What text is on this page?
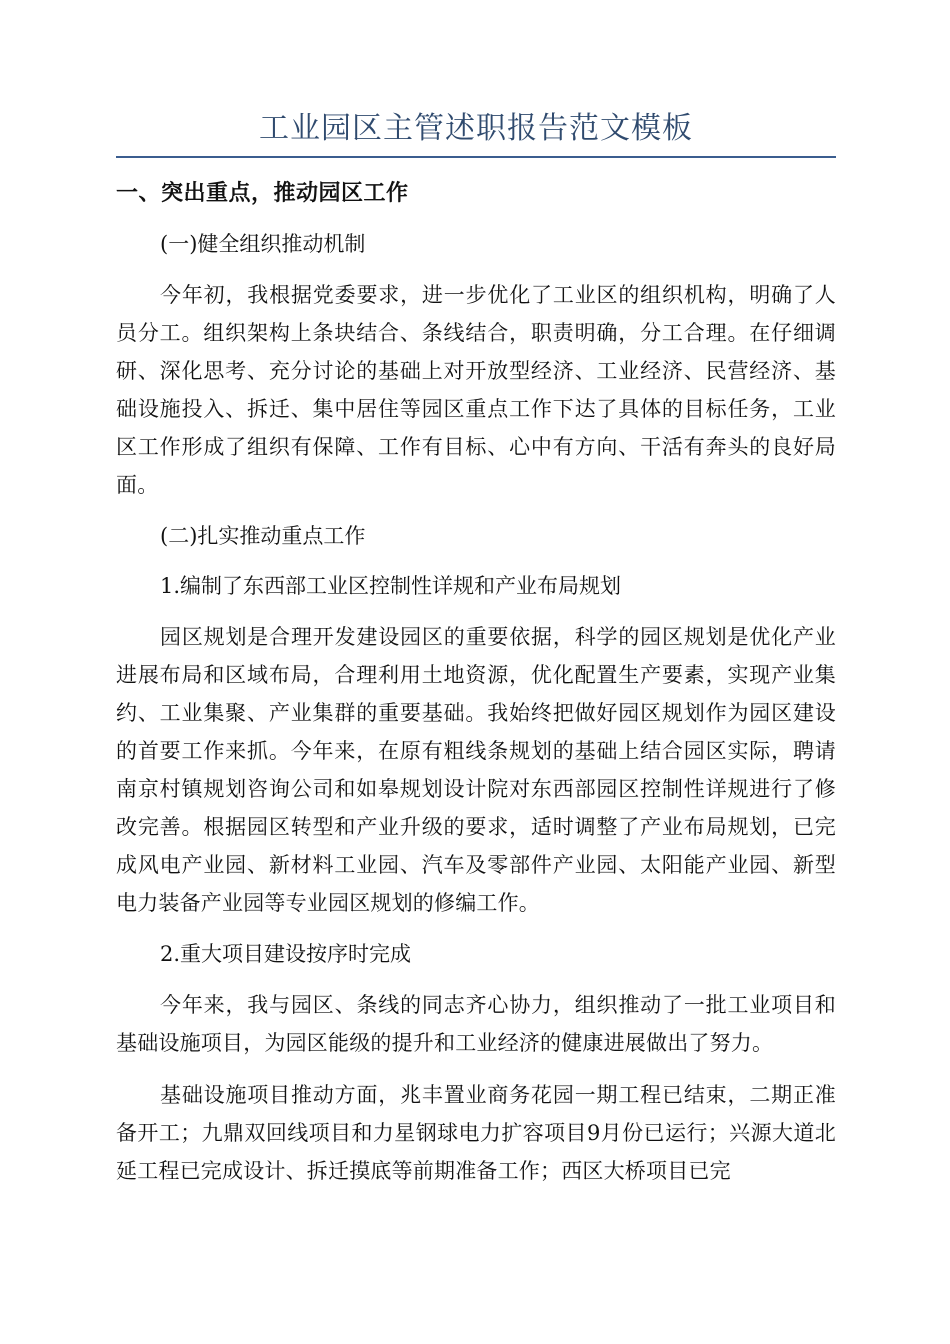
工业园区主管述职报告范文模板
一、突出重点，推动园区工作
(一)健全组织推动机制

今年初，我根据党委要求，进一步优化了工业区的组织机构，明确了人员分工。组织架构上条块结合、条线结合，职责明确，分工合理。在仔细调研、深化思考、充分讨论的基础上对开放型经济、工业经济、民营经济、基础设施投入、拆迁、集中居住等园区重点工作下达了具体的目标任务，工业区工作形成了组织有保障、工作有目标、心中有方向、干活有奔头的良好局面。

(二)扎实推动重点工作
1.编制了东西部工业区控制性详规和产业布局规划

园区规划是合理开发建设园区的重要依据，科学的园区规划是优化产业进展布局和区域布局，合理利用土地资源，优化配置生产要素，实现产业集约、工业集聚、产业集群的重要基础。我始终把做好园区规划作为园区建设的首要工作来抓。今年来，在原有粗线条规划的基础上结合园区实际，聘请南京村镇规划咨询公司和如皋规划设计院对东西部园区控制性详规进行了修改完善。根据园区转型和产业升级的要求，适时调整了产业布局规划，已完成风电产业园、新材料工业园、汽车及零部件产业园、太阳能产业园、新型电力装备产业园等专业园区规划的修编工作。

2.重大项目建设按序时完成

今年来，我与园区、条线的同志齐心协力，组织推动了一批工业项目和基础设施项目，为园区能级的提升和工业经济的健康进展做出了努力。

基础设施项目推动方面，兆丰置业商务花园一期工程已结束，二期正准备开工；九鼎双回线项目和力星钢球电力扩容项目9月份已运行；兴源大道北延工程已完成设计、拆迁摸底等前期准备工作；西区大桥项目已完
